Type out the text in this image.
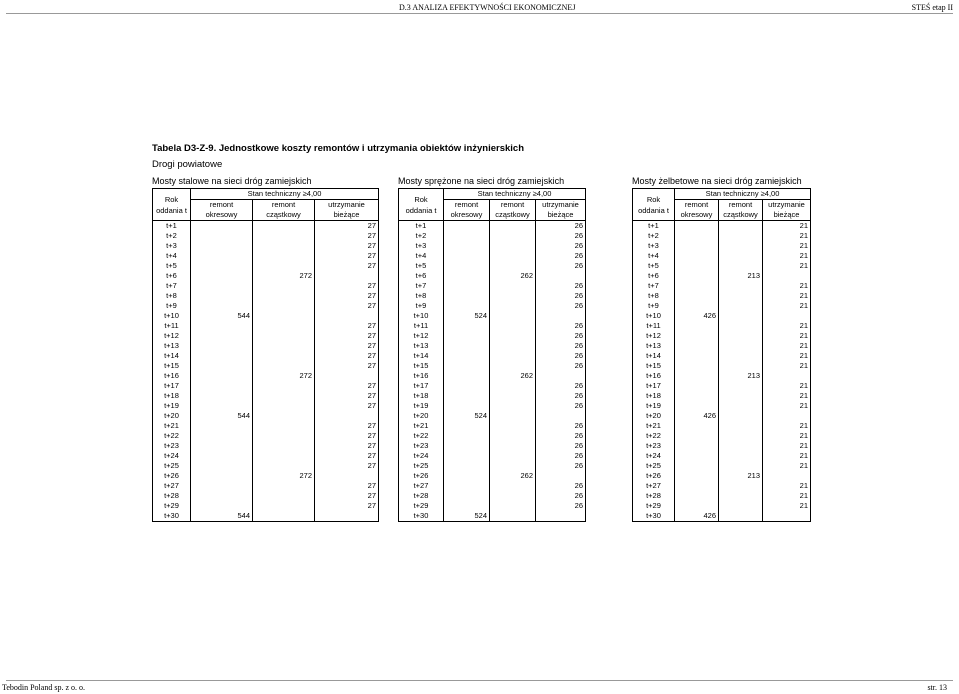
D.3 ANALIZA EFEKTYWNOŚCI EKONOMICZNEJ	STEŚ etap II
Tabela D3-Z-9. Jednostkowe koszty remontów i utrzymania obiektów inżynierskich
Drogi powiatowe
Mosty stalowe na sieci dróg zamiejskich
Rok oddania t	Stan techniczny ≥4,00		
	remont	remont	utrzymanie
	okresowy	cząstkowy	bieżące
t+1			27
t+2			27
t+3			27
t+4			27
t+5			27
t+6		272	
t+7			27
t+8			27
t+9			27
t+10	544		
t+11			27
t+12			27
t+13			27
t+14			27
t+15			27
t+16		272	
t+17			27
t+18			27
t+19			27
t+20	544		
t+21			27
t+22			27
t+23			27
t+24			27
t+25			27
t+26		272	
t+27			27
t+28			27
t+29			27
t+30	544		
Mosty sprężone na sieci dróg zamiejskich
Rok oddania t	Stan techniczny ≥4,00		
	remont	remont	utrzymanie
	okresowy	cząstkowy	bieżące
t+1			26
t+2			26
t+3			26
t+4			26
t+5			26
t+6		262	
t+7			26
t+8			26
t+9			26
t+10	524		
t+11			26
t+12			26
t+13			26
t+14			26
t+15			26
t+16		262	
t+17			26
t+18			26
t+19			26
t+20	524		
t+21			26
t+22			26
t+23			26
t+24			26
t+25			26
t+26		262	
t+27			26
t+28			26
t+29			26
t+30	524		
Mosty żelbetowe na sieci dróg zamiejskich
Rok oddania t	Stan techniczny ≥4,00		
	remont	remont	utrzymanie
	okresowy	cząstkowy	bieżące
t+1			21
t+2			21
t+3			21
t+4			21
t+5			21
t+6		213	
t+7			21
t+8			21
t+9			21
t+10	426		
t+11			21
t+12			21
t+13			21
t+14			21
t+15			21
t+16		213	
t+17			21
t+18			21
t+19			21
t+20	426		
t+21			21
t+22			21
t+23			21
t+24			21
t+25			21
t+26		213	
t+27			21
t+28			21
t+29			21
t+30	426		
Tebodin Poland sp. z o. o.	str. 13
